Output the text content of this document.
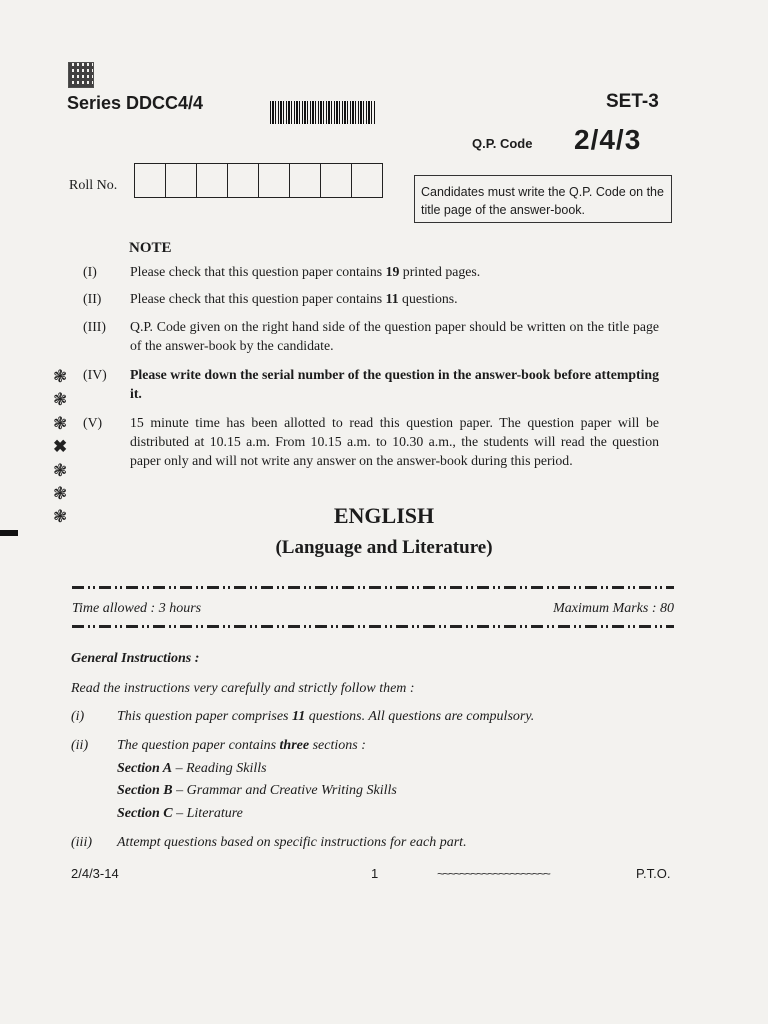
Series DDCC4/4	SET-3
Q.P. Code 2/4/3
Roll No.	Candidates must write the Q.P. Code on the title page of the answer-book.
NOTE
(I)	Please check that this question paper contains 19 printed pages.
(II)	Please check that this question paper contains 11 questions.
(III)	Q.P. Code given on the right hand side of the question paper should be written on the title page of the answer-book by the candidate.
(IV)	Please write down the serial number of the question in the answer-book before attempting it.
(V)	15 minute time has been allotted to read this question paper. The question paper will be distributed at 10.15 a.m. From 10.15 a.m. to 10.30 a.m., the students will read the question paper only and will not write any answer on the answer-book during this period.
❃
❃
❃
✖
❃
❃
❃	ENGLISH
(Language and Literature)
Time allowed : 3 hours	Maximum Marks : 80
General Instructions :
Read the instructions very carefully and strictly follow them :
(i)	This question paper comprises 11 questions. All questions are compulsory.
(ii)	The question paper contains three sections :
Section A – Reading Skills
Section B – Grammar and Creative Writing Skills
Section C – Literature
(iii)	Attempt questions based on specific instructions for each part.
2/4/3-14	1	~~~~~~~~~~~~~~~~~~~~	P.T.O.
